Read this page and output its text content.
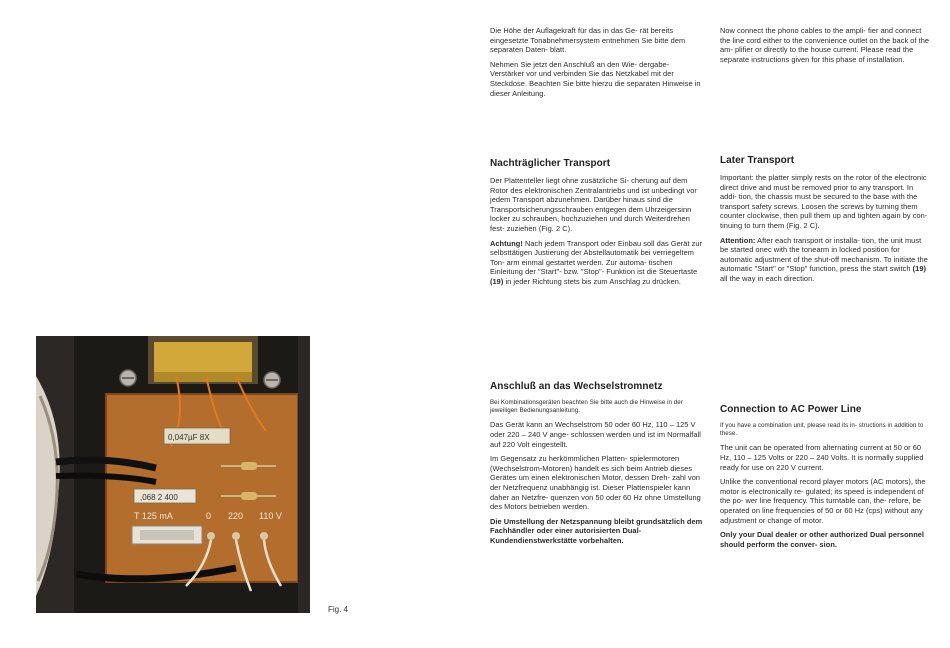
0,047µF 8X
,068 2 400
T 125 mA	0 220 110 V
Fig. 4

Die Höhe der Auflagekraft für das in das Ge- rät bereits eingesetzte Tonabnehmersystem entnehmen Sie bitte dem separaten Daten- blatt.

Nehmen Sie jetzt den Anschluß an den Wie- dergabe-Verstärker vor und verbinden Sie das Netzkabel mit der Steckdose. Beachten Sie bitte hierzu die separaten Hinweise in dieser Anleitung.

Now connect the phono cables to the ampli- fier and connect the line cord either to the convenience outlet on the back of the am- plifier or directly to the house current. Please read the separate instructions given for this phase of installation.

Nachträglicher Transport

Der Plattenteller liegt ohne zusätzliche Si- cherung auf dem Rotor des elektronischen Zentralantriebs und ist unbedingt vor jedem Transport abzunehmen. Darüber hinaus sind die Transportsicherungsschrauben entgegen dem Uhrzeigersinn locker zu schrauben, hochzuziehen und durch Weiterdrehen fest- zuziehen (Fig. 2 C).

Achtung! Nach jedem Transport oder Einbau soll das Gerät zur selbsttätigen Justierung der Abstellautomatik bei verriegeltem Ton- arm einmal gestartet werden. Zur automa- tischen Einleitung der "Start"- bzw. "Stop"- Funktion ist die Steuertaste (19) in jeder Richtung stets bis zum Anschlag zu drücken.

Later Transport

Important: the platter simply rests on the rotor of the electronic direct drive and must be removed prior to any transport. In addi- tion, the chassis must be secured to the base with the transport safety screws. Loosen the screws by turning them counter clockwise, then pull them up and tighten again by con- tinuing to turn them (Fig. 2 C).

Attention: After each transport or installa- tion, the unit must be started onec with the tonearm in locked position for automatic adjustment of the shut-off mechanism. To initiate the automatic "Start" or "Stop" function, press the start switch (19) all the way in each direction.

Anschluß an das Wechselstromnetz

Bei Kombinationsgeräten beachten Sie bitte auch die Hinweise in der jeweiligen Bedienungsanleitung.

Das Gerät kann an Wechselstrom 50 oder 60 Hz, 110 – 125 V oder 220 – 240 V ange- schlossen werden und ist im Normalfall auf 220 Volt eingestellt.

Im Gegensatz zu herkömmlichen Platten- spielermotoren (Wechselstrom-Motoren) handelt es sich beim Antrieb dieses Gerätes um einen elektronischen Motor, dessen Dreh- zahl von der Netzfrequenz unabhängig ist. Dieser Plattenspieler kann daher an Netzfre- quenzen von 50 oder 60 Hz ohne Umstellung des Motors betrieben werden.

Die Umstellung der Netzspannung bleibt grundsätzlich dem Fachhändler oder einer autorisierten Dual-Kundendienstwerkstätte vorbehalten.

Connection to AC Power Line

If you have a combination unit, please read its in- structions in addition to these.

The unit can be operated from alternating current at 50 or 60 Hz, 110 – 125 Volts or 220 – 240 Volts. It is normally supplied ready for use on 220 V current.

Unlike the conventional record player motors (AC motors), the motor is electronically re- gulated; its speed is independent of the po- wer line frequency. This turntable can, the- refore, be operated on line frequencies of 50 or 60 Hz (cps) without any adjustment or change of motor.

Only your Dual dealer or other authorized Dual personnel should perform the conver- sion.
